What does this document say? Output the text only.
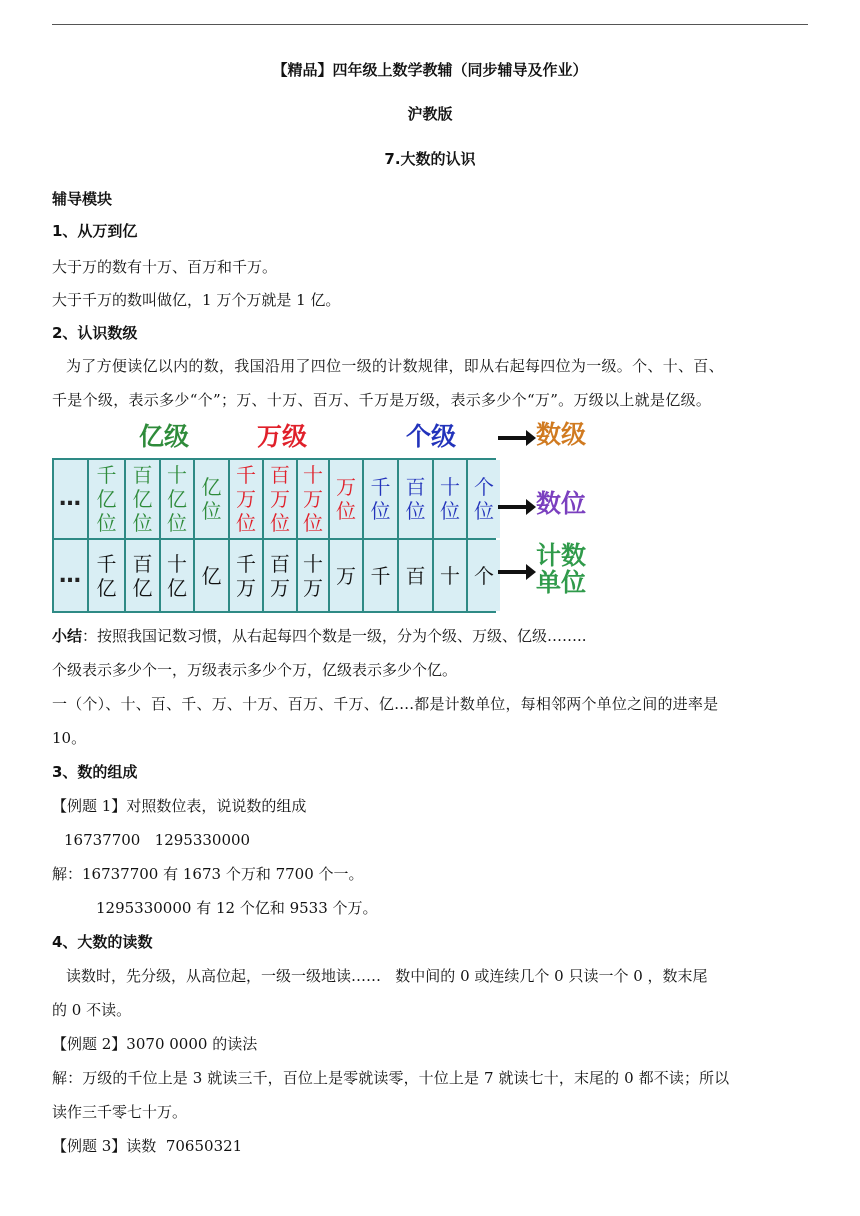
【精品】四年级上数学教辅（同步辅导及作业）
沪教版
7.大数的认识
辅导模块
1、从万到亿
大于万的数有十万、百万和千万。
大于千万的数叫做亿，1 万个万就是 1 亿。
2、认识数级
为了方便读亿以内的数，我国沿用了四位一级的计数规律，即从右起每四位为一级。个、十、百、
千是个级，表示多少“个”；万、十万、百万、千万是万级，表示多少个“万”。万级以上就是亿级。
亿级	万级	个级
…
千
亿
位
百
亿
位
十
亿
位
亿
位
千
万
位
百
万
位
十
万
位
万
位
千
位
百
位
十
位
个
位
… 千
亿
百
亿
十
亿 亿 千
万
百
万
十
万 万 千 百 十 个
数级
数位
计数单位
小结：按照我国记数习惯，从右起每四个数是一级，分为个级、万级、亿级……..
个级表示多少个一，万级表示多少个万，亿级表示多少个亿。
一（个）、十、百、千、万、十万、百万、千万、亿….都是计数单位，每相邻两个单位之间的进率是
10。
3、数的组成
【例题 1】对照数位表，说说数的组成
16737700   1295330000
解：16737700 有 1673 个万和 7700 个一。
1295330000 有 12 个亿和 9533 个万。
4、大数的读数
读数时，先分级，从高位起，一级一级地读……   数中间的 0 或连续几个 0 只读一个 0 ，数末尾
的 0 不读。
【例题 2】3070 0000 的读法
解：万级的千位上是 3 就读三千，百位上是零就读零，十位上是 7 就读七十，末尾的 0 都不读；所以
读作三千零七十万。
【例题 3】读数  70650321
